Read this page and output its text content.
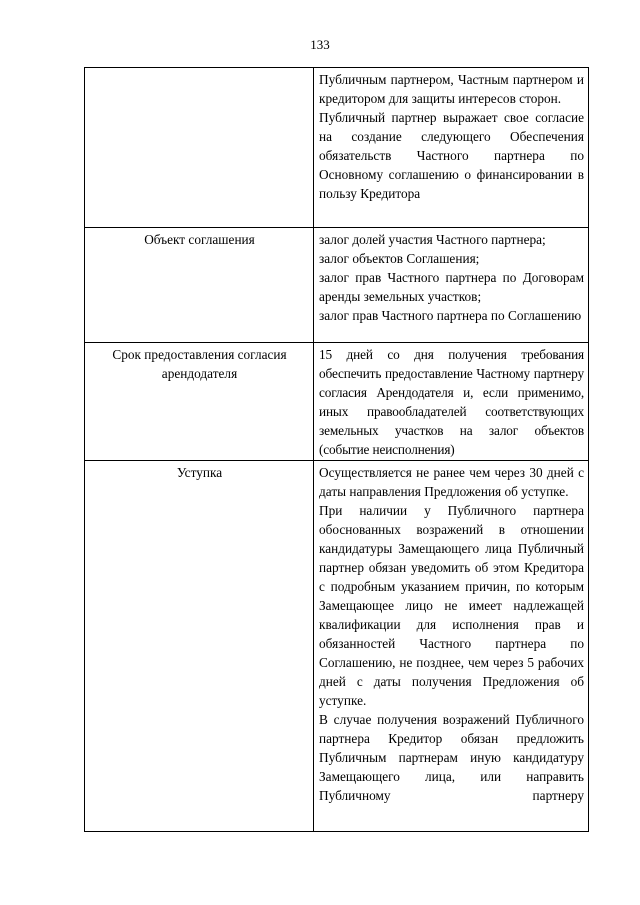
133

	Публичным партнером, Частным партнером и кредитором для защиты интересов сторон.
Публичный партнер выражает свое согласие на создание следующего Обеспечения обязательств Частного партнера по Основному соглашению о финансировании в пользу Кредитора

Объект соглашения	залог долей участия Частного партнера;
залог объектов Соглашения;
залог прав Частного партнера по Договорам аренды земельных участков;
залог прав Частного партнера по Соглашению

Срок предоставления согласия арендодателя	15 дней со дня получения требования обеспечить предоставление Частному партнеру согласия Арендодателя и, если применимо, иных правообладателей соответствующих земельных участков на залог объектов (событие неисполнения)

Уступка	Осуществляется не ранее чем через 30 дней с даты направления Предложения об уступке.
При наличии у Публичного партнера обоснованных возражений в отношении кандидатуры Замещающего лица Публичный партнер обязан уведомить об этом Кредитора с подробным указанием причин, по которым Замещающее лицо не имеет надлежащей квалификации для исполнения прав и обязанностей Частного партнера по Соглашению, не позднее, чем через 5 рабочих дней с даты получения Предложения об уступке.
В случае получения возражений Публичного партнера Кредитор обязан предложить Публичным партнерам иную кандидатуру Замещающего лица, или направить Публичному партнеру
